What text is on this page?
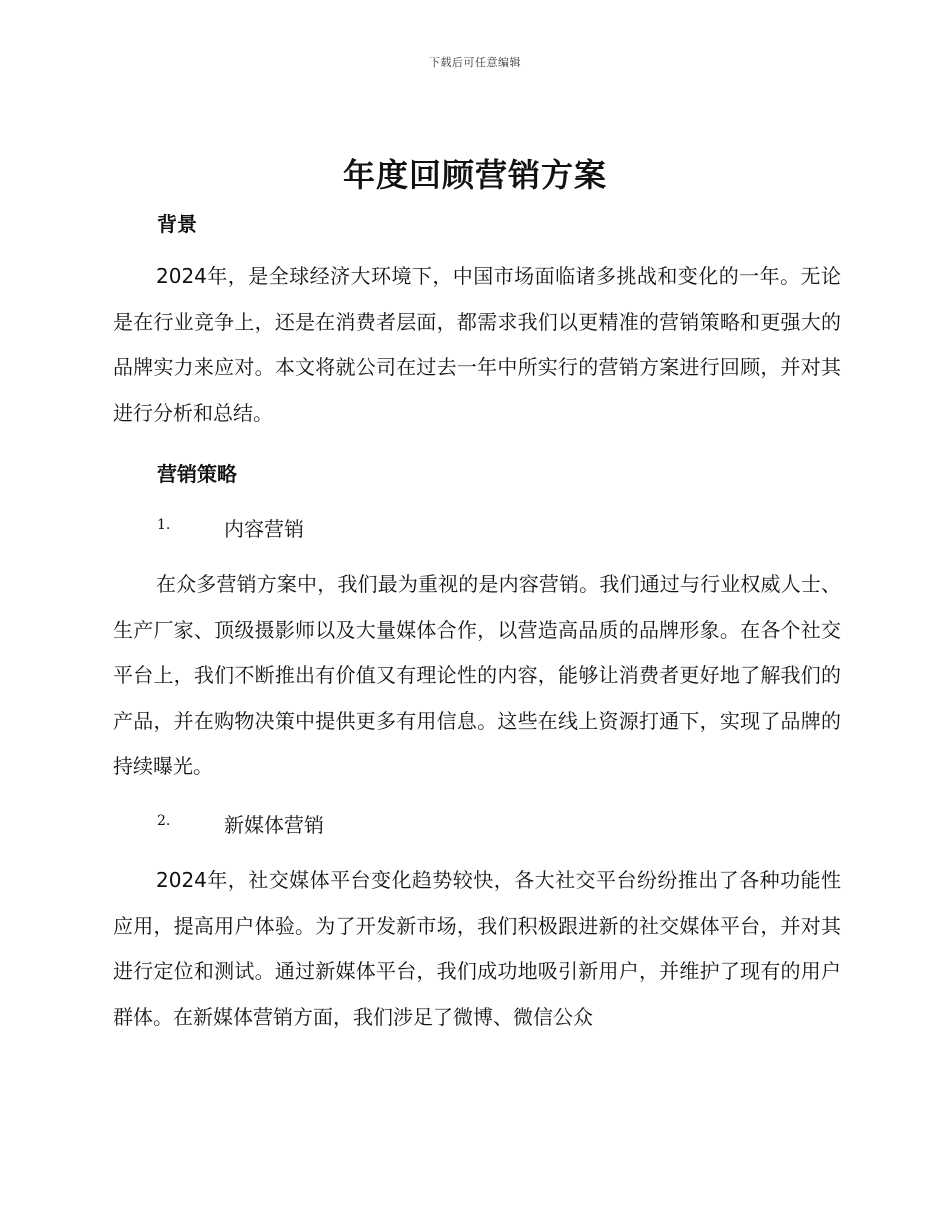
下载后可任意编辑
年度回顾营销方案
背景

2024年，是全球经济大环境下，中国市场面临诸多挑战和变化的一年。无论是在行业竞争上，还是在消费者层面，都需求我们以更精准的营销策略和更强大的品牌实力来应对。本文将就公司在过去一年中所实行的营销方案进行回顾，并对其进行分析和总结。

营销策略
1.	内容营销

在众多营销方案中，我们最为重视的是内容营销。我们通过与行业权威人士、生产厂家、顶级摄影师以及大量媒体合作，以营造高品质的品牌形象。在各个社交平台上，我们不断推出有价值又有理论性的内容，能够让消费者更好地了解我们的产品，并在购物决策中提供更多有用信息。这些在线上资源打通下，实现了品牌的持续曝光。

2.	新媒体营销

2024年，社交媒体平台变化趋势较快，各大社交平台纷纷推出了各种功能性应用，提高用户体验。为了开发新市场，我们积极跟进新的社交媒体平台，并对其进行定位和测试。通过新媒体平台，我们成功地吸引新用户，并维护了现有的用户群体。在新媒体营销方面，我们涉足了微博、微信公众
